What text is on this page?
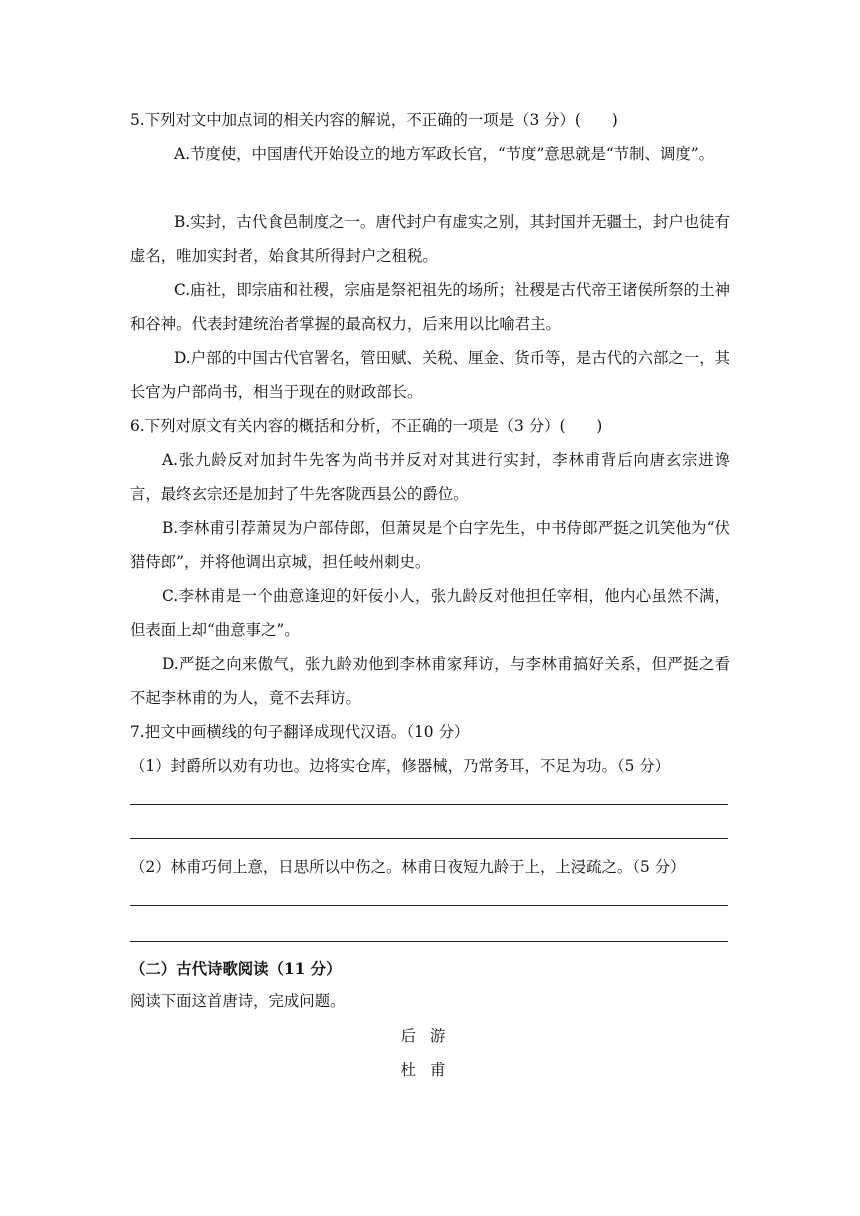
5.下列对文中加点词的相关内容的解说，不正确的一项是（3 分）(　　)

A.节度使，中国唐代开始设立的地方军政长官，“节度”意思就是“节制、调度”。

B.实封，古代食邑制度之一。唐代封户有虚实之别，其封国并无疆土，封户也徒有虚名，唯加实封者，始食其所得封户之租税。

C.庙社，即宗庙和社稷，宗庙是祭祀祖先的场所；社稷是古代帝王诸侯所祭的土神和谷神。代表封建统治者掌握的最高权力，后来用以比喻君主。

D.户部的中国古代官署名，管田赋、关税、厘金、货币等，是古代的六部之一，其长官为户部尚书，相当于现在的财政部长。

6.下列对原文有关内容的概括和分析，不正确的一项是（3 分）(　　)

A.张九龄反对加封牛先客为尚书并反对对其进行实封，李林甫背后向唐玄宗进谗言，最终玄宗还是加封了牛先客陇西县公的爵位。

B.李林甫引荐萧炅为户部侍郎，但萧炅是个白字先生，中书侍郎严挺之讥笑他为“伏猎侍郎”，并将他调出京城，担任岐州刺史。

C.李林甫是一个曲意逢迎的奸佞小人，张九龄反对他担任宰相，他内心虽然不满，但表面上却“曲意事之”。

D.严挺之向来傲气，张九龄劝他到李林甫家拜访，与李林甫搞好关系，但严挺之看不起李林甫的为人，竟不去拜访。

7.把文中画横线的句子翻译成现代汉语。（10 分）

（1）封爵所以劝有功也。边将实仓库，修器械，乃常务耳，不足为功。（5 分）

（2）林甫巧伺上意，日思所以中伤之。林甫日夜短九龄于上，上浸疏之。（5 分）

（二）古代诗歌阅读（11 分）

阅读下面这首唐诗，完成问题。

后游
杜甫
